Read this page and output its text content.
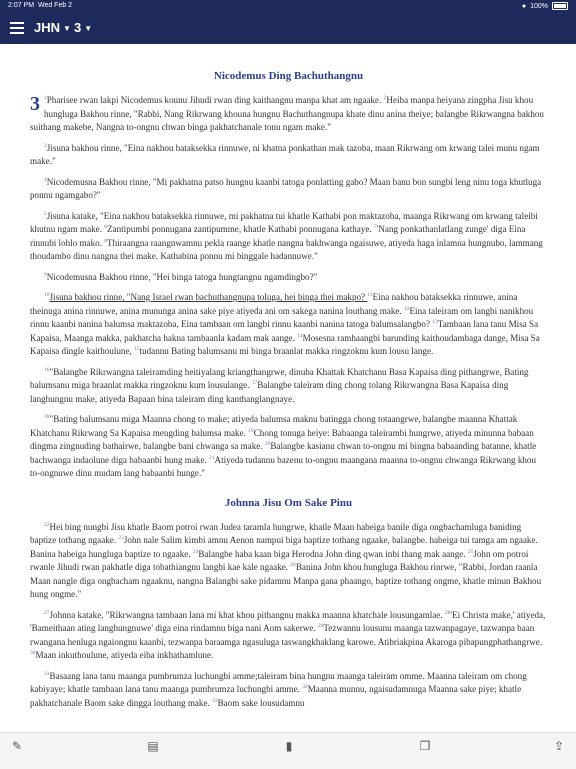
2:07 PM Wed Feb 2	● 100%
JHN ▼ 3 ▼
Nicodemus Ding Bachuthangnu

3 $^1$Pharisee rwan lakpi Nicodemus kounu Jihudi rwan ding kaithangnu manpa khat am ngaake. $^2$Heiba manpa heiyana zingpha Jisu khou hungluga Bakhou rinne, "Rabbi, Nang Rikrwang khouna hungnu Bachuthangnupa khate dinu anina theiye; balangbe Rikrwangna bakhou suithang makebe, Nangna to-ongnu chwan binga pakhatchanale tonu ngam make."

$^3$Jisuna bakhou rinne, "Eina nakhou bataksekka rinnuwe, ni khatna ponkathan mak tazoba, maan Rikrwang om krwang talei munu ngam make."

$^4$Nicodemusna Bakhou rinne, "Mi pakhatna patso hungnu kaanbi tatoga ponlatting gabo? Maan banu bon sungbi leng ninu toga khutluga ponnu ngamgabo?"

$^5$Jisuna katake, "Eina nakhou bataksekka rinnuwe, mi pakhatna tui khatle Kathabi pon maktazoba, maanga Rikrwang om krwang taleibi khutnu ngam make. $^6$Zantipumbi ponnugana zantipumme, khatle Kathabi ponnugana kathaye. $^7$'Nang ponkathanlatlang zunge' diga Eina rinnubi lohlo mako. $^8$Thiraangna raangnwamnu pekla raange khatle nangna bakhwanga ngaisuwe, atiyeda haga inlamna hungnubo, lammang thoudambo dinu nangna thei make. Kathabina ponnu mi binggale hadannuwe."

$^9$Nicodemusna Bakhou rinne, "Hei binga tatoga hungtangnu ngamdingbo?"

$^{10}$Jisuna bakhou rinne, "Nang Israel rwan bachuthangnupa toluga, hei binga thei makpo? $^{11}$Eina nakhou bataksekka rinnuwe, anina theinuga anina rinnuwe, anina mununga anina sake piye atiyeda ani om sakega nanina louthang make. $^{12}$Eina taleiram om langbi nanikhou rinnu kaanbi nanina balumsa maktazoba, Eina tambaan om langbi rinnu kaanbi nanina tatoga balumsalangbo? $^{13}$Tambaan lana tanu Misa Sa Kapaisa, Maanga makka, pakhatcha hakna tambaanla kadam mak aange. $^{14}$Mosesna ramhaangbi barunding kaithoudambaga dange, Misa Sa Kapaisa dingle kaithoulune, $^{15}$tudannu Bating balumsanu mi binga braanlat makka ringzoknu kum lousu lange.

$^{16}$"Balangbe Rikrwangna taleiramding heitiyalang kriangthangrwe, dinuba Khattak Khatchanu Basa Kapaisa ding pithangrwe, Bating balumsanu miga braanlat makka ringzoknu kum lousulange. $^{17}$Balangbe taleiram ding chong tolang Rikrwangna Basa Kapaisa ding langhungnu make, atiyeda Bapaan bina taleiram ding kanthanglangnaye.

$^{18}$"Bating balumsanu miga Maanna chong to make; atiyeda balumsa maknu batingga chong totaangrwe, balangbe maanna Khattak Khatchanu Rikrwang Sa Kapaisa mengding balumsa make. $^{19}$Chong tonuga heiye: Babaanga taleirambi hungrwe, atiyeda minunna babaan dingma zingnuding bathairwe, balangbe bani chwanga sa make. $^{20}$Balangbe kasianu chwan to-ongnu mi bingna babaanding batanne, khatle bachwanga indaolune diga babaanbi hung make. $^{21}$Atiyeda tudannu bazenu to-ongnu maangana maanna to-ongnu chwanga Rikrwang khou to-ongnuwe dinu mudam lang babaanbi hunge."

Johnna Jisu Om Sake Pinu

$^{22}$Hei bing nungbi Jisu khatle Baom potroi rwan Judea taramla hungrwe, khatle Maan habeiga banile diga ongbachamluga baniding baptize tothang ngaake. $^{23}$John nale Salim kimbi amnu Aenon nampui biga baptize tothang ngaake, balangbe. habeiga tui tamga am ngaake. Banina habeiga hungluga baptize to ngaake. $^{24}$Balangbe haba kaan biga Herodna John ding qwan inbi thang mak aange. $^{25}$John om potroi rwanle Jihudi rwan pakhatle diga tobathiangnu langbi kae kale ngaake. $^{26}$Banina John khou hungluga Bakhou rinrwe, "Rabbi, Jordan raanla Maan nangle diga ongbacham ngaaknu, nangna Balangbi sake pidamnu Manpa gana phaango, baptize tothang ongme, khatle minun Bakhou hung ongme."

$^{27}$Johnna katake, "Rikrwangna tambaan lana mi khat khou pithangnu makka maanna khatchale lousungamlae. $^{28}$'Ei Christa make,' atiyeda, 'Bameithaan ating langhungnuwe' diga eina rindamnu biga nani Aom sakerwe. $^{29}$Tezwannu lousunu maanga tazwanpagaye, tazwanpa baan rwangana henluga ngaiongnu kaanbi, tezwanpa baraamga ngasuluga taswangkhaklang karowe. Atibriakpina Akaroga pibapungphathangrwe. $^{30}$Maan inkuthoulune, atiyeda eiba inkhathamlune.

$^{31}$Basaang lana tanu maanga pumbrumza luchungbi amme;taleiram bina hungnu maanga taleiram omme. Maanna taleiram om chong kabiyaye; khatle tambaan lana tanu maanga pumbrumza luchungbi amme. $^{32}$Maanna munnu, ngaisudamnuga Maanna sake piye; khatle pakhatchanale Baom sake dingga louthang make. $^{33}$Baom sake lousudamnu

✎	▤	▮	❐	⇪
